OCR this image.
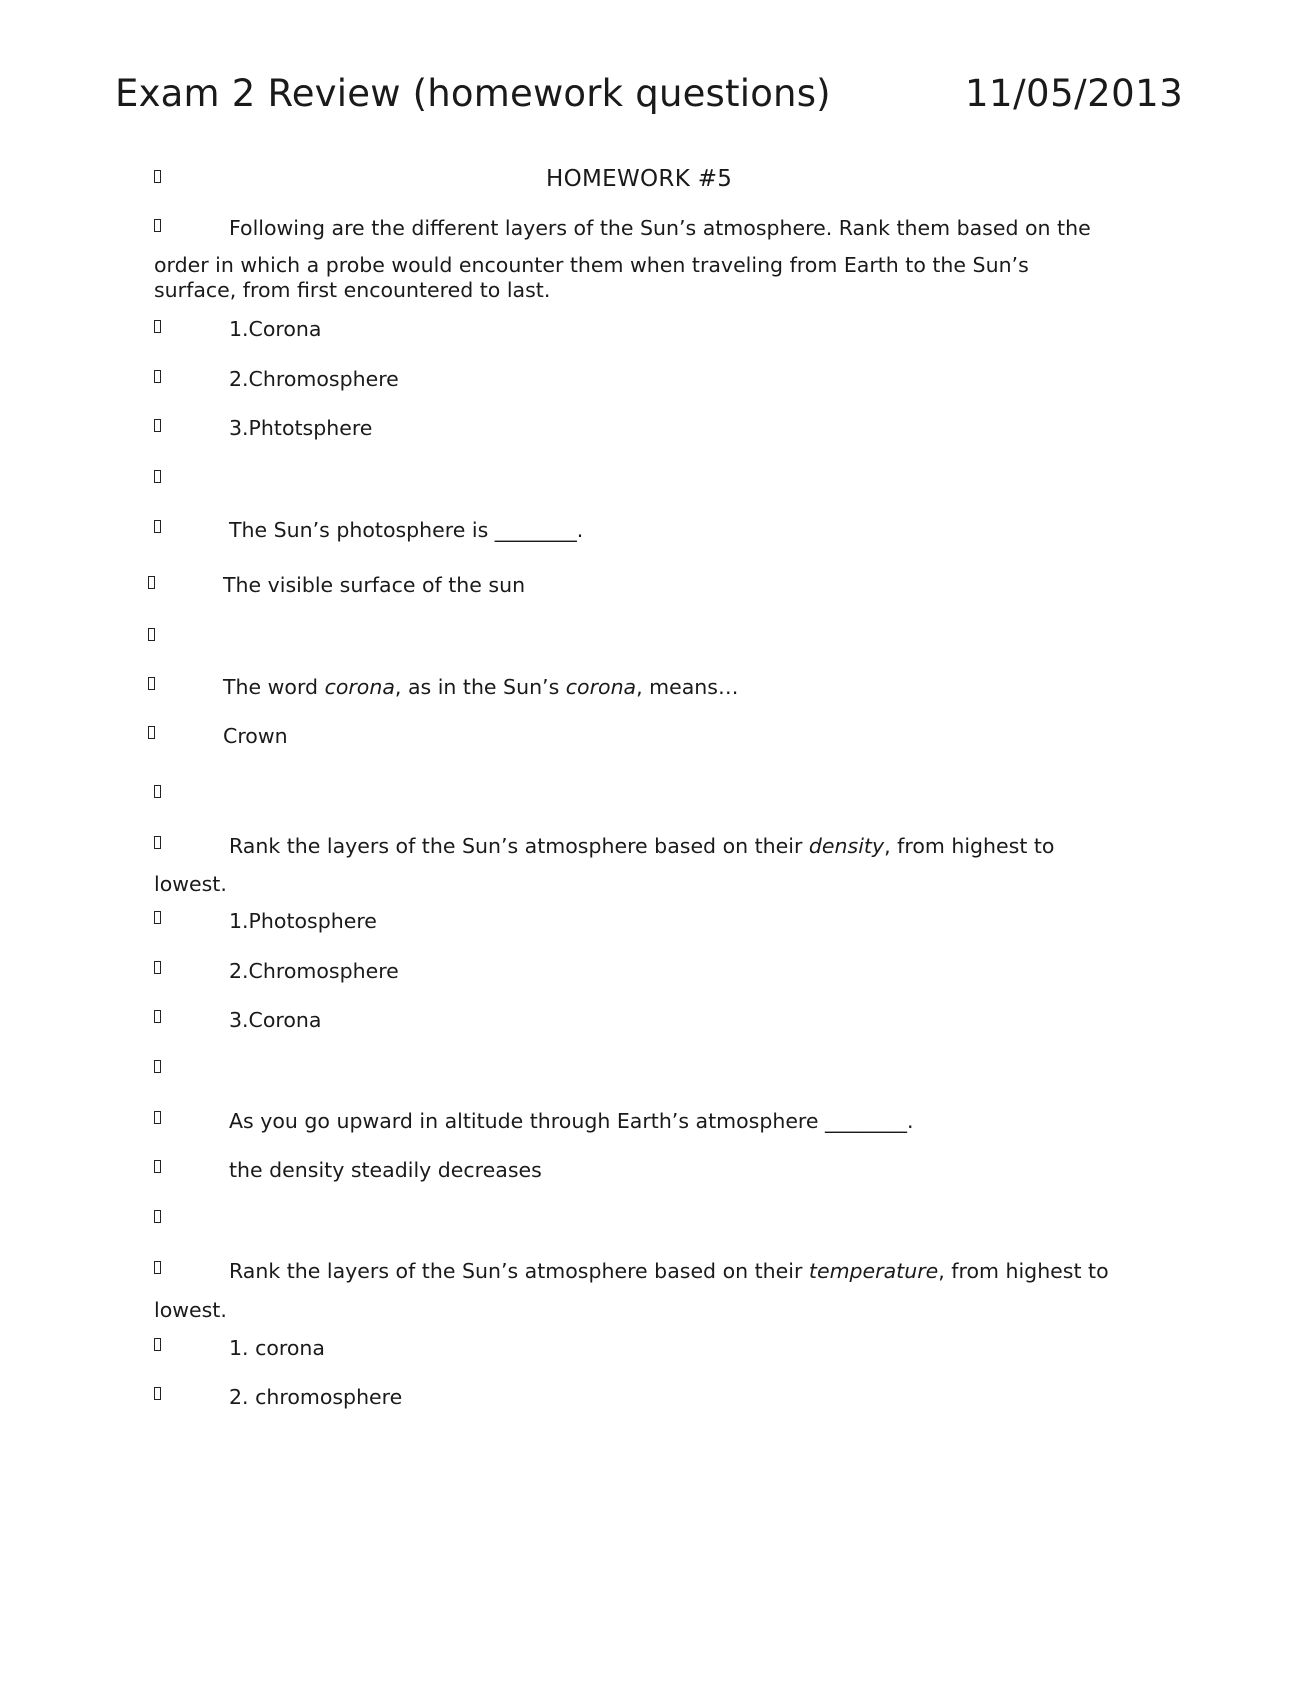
Exam 2 Review (homework questions)	11/05/2013
HOMEWORK #5
Following are the different layers of the Sun’s atmosphere. Rank them based on the
order in which a probe would encounter them when traveling from Earth to the Sun’s
surface, from first encountered to last.
1.Corona
2.Chromosphere
3.Phtotsphere
The Sun’s photosphere is ________.
The visible surface of the sun
The word corona, as in the Sun’s corona, means…
Crown
Rank the layers of the Sun’s atmosphere based on their density, from highest to
lowest.
1.Photosphere
2.Chromosphere
3.Corona
As you go upward in altitude through Earth’s atmosphere ________.
the density steadily decreases
Rank the layers of the Sun’s atmosphere based on their temperature, from highest to
lowest.
1. corona
2. chromosphere
